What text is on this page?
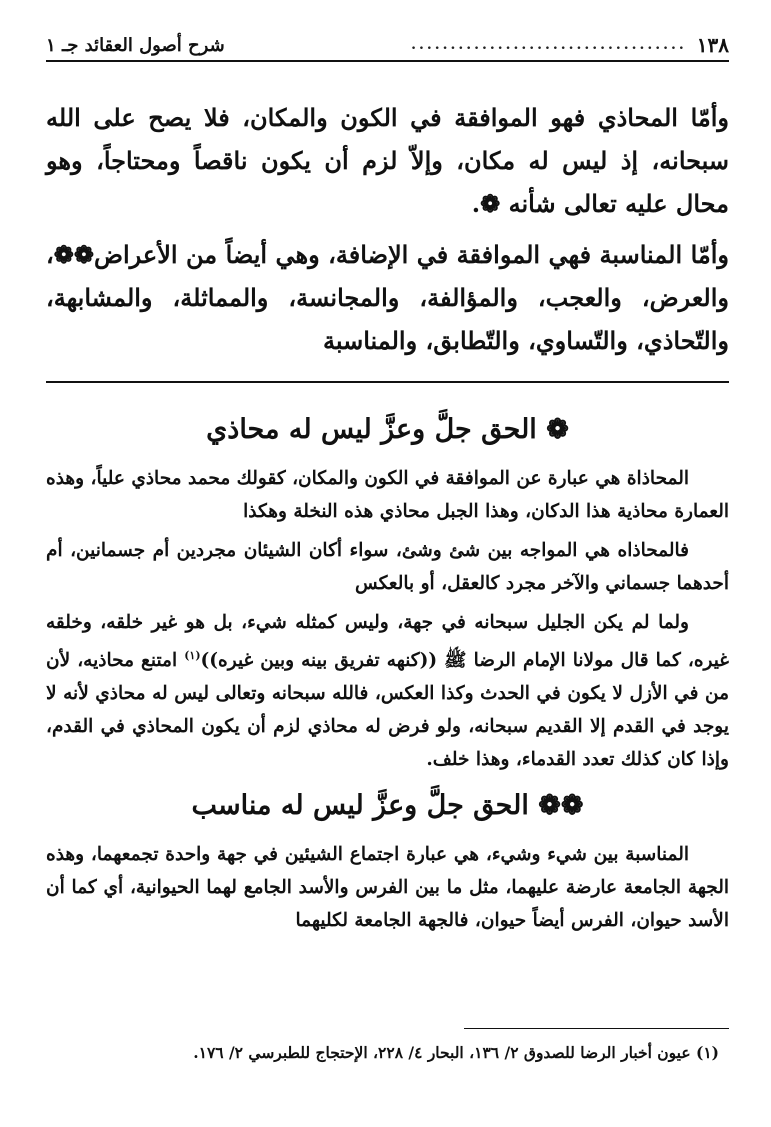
١٣٨
...................................
شرح أصول العقائد جـ ١

وأمّا المحاذي فهو الموافقة في الكون والمكان، فلا يصح على الله سبحانه، إذ ليس له مكان، وإلاّ لزم أن يكون ناقصاً ومحتاجاً، وهو محال عليه تعالى شأنه ❁.

وأمّا المناسبة فهي الموافقة في الإضافة، وهي أيضاً من الأعراض❁❁، والعرض، والعجب، والمؤالفة، والمجانسة، والمماثلة، والمشابهة، والتّحاذي، والتّساوي، والتّطابق، والمناسبة

❁ الحق جلَّ وعزَّ ليس له محاذي

المحاذاة هي عبارة عن الموافقة في الكون والمكان، كقولك محمد محاذي علياً، وهذه العمارة محاذية هذا الدكان، وهذا الجبل محاذي هذه النخلة وهكذا

فالمحاذاه هي المواجه بين شئ وشئ، سواء أكان الشيئان مجردين أم جسمانين، أم أحدهما جسماني والآخر مجرد كالعقل، أو بالعكس

ولما لم يكن الجليل سبحانه في جهة، وليس كمثله شيء، بل هو غير خلقه، وخلقه غيره، كما قال مولانا الإمام الرضا ﷺ ((كنهه تفريق بينه وبين غيره))$^{(١)}$ امتنع محاذيه، لأن من في الأزل لا يكون في الحدث وكذا العكس، فالله سبحانه وتعالى ليس له محاذي لأنه لا يوجد في القدم إلا القديم سبحانه، ولو فرض له محاذي لزم أن يكون المحاذي في القدم، وإذا كان كذلك تعدد القدماء، وهذا خلف.

❁❁ الحق جلَّ وعزَّ ليس له مناسب

المناسبة بين شيء وشيء، هي عبارة اجتماع الشيئين في جهة واحدة تجمعهما، وهذه الجهة الجامعة عارضة عليهما، مثل ما بين الفرس والأسد الجامع لهما الحيوانية، أي كما أن الأسد حيوان، الفرس أيضاً حيوان، فالجهة الجامعة لكليهما

(١) عيون أخبار الرضا للصدوق ٢/ ١٣٦، البحار ٤/ ٢٢٨، الإحتجاج للطبرسي ٢/ ١٧٦.
